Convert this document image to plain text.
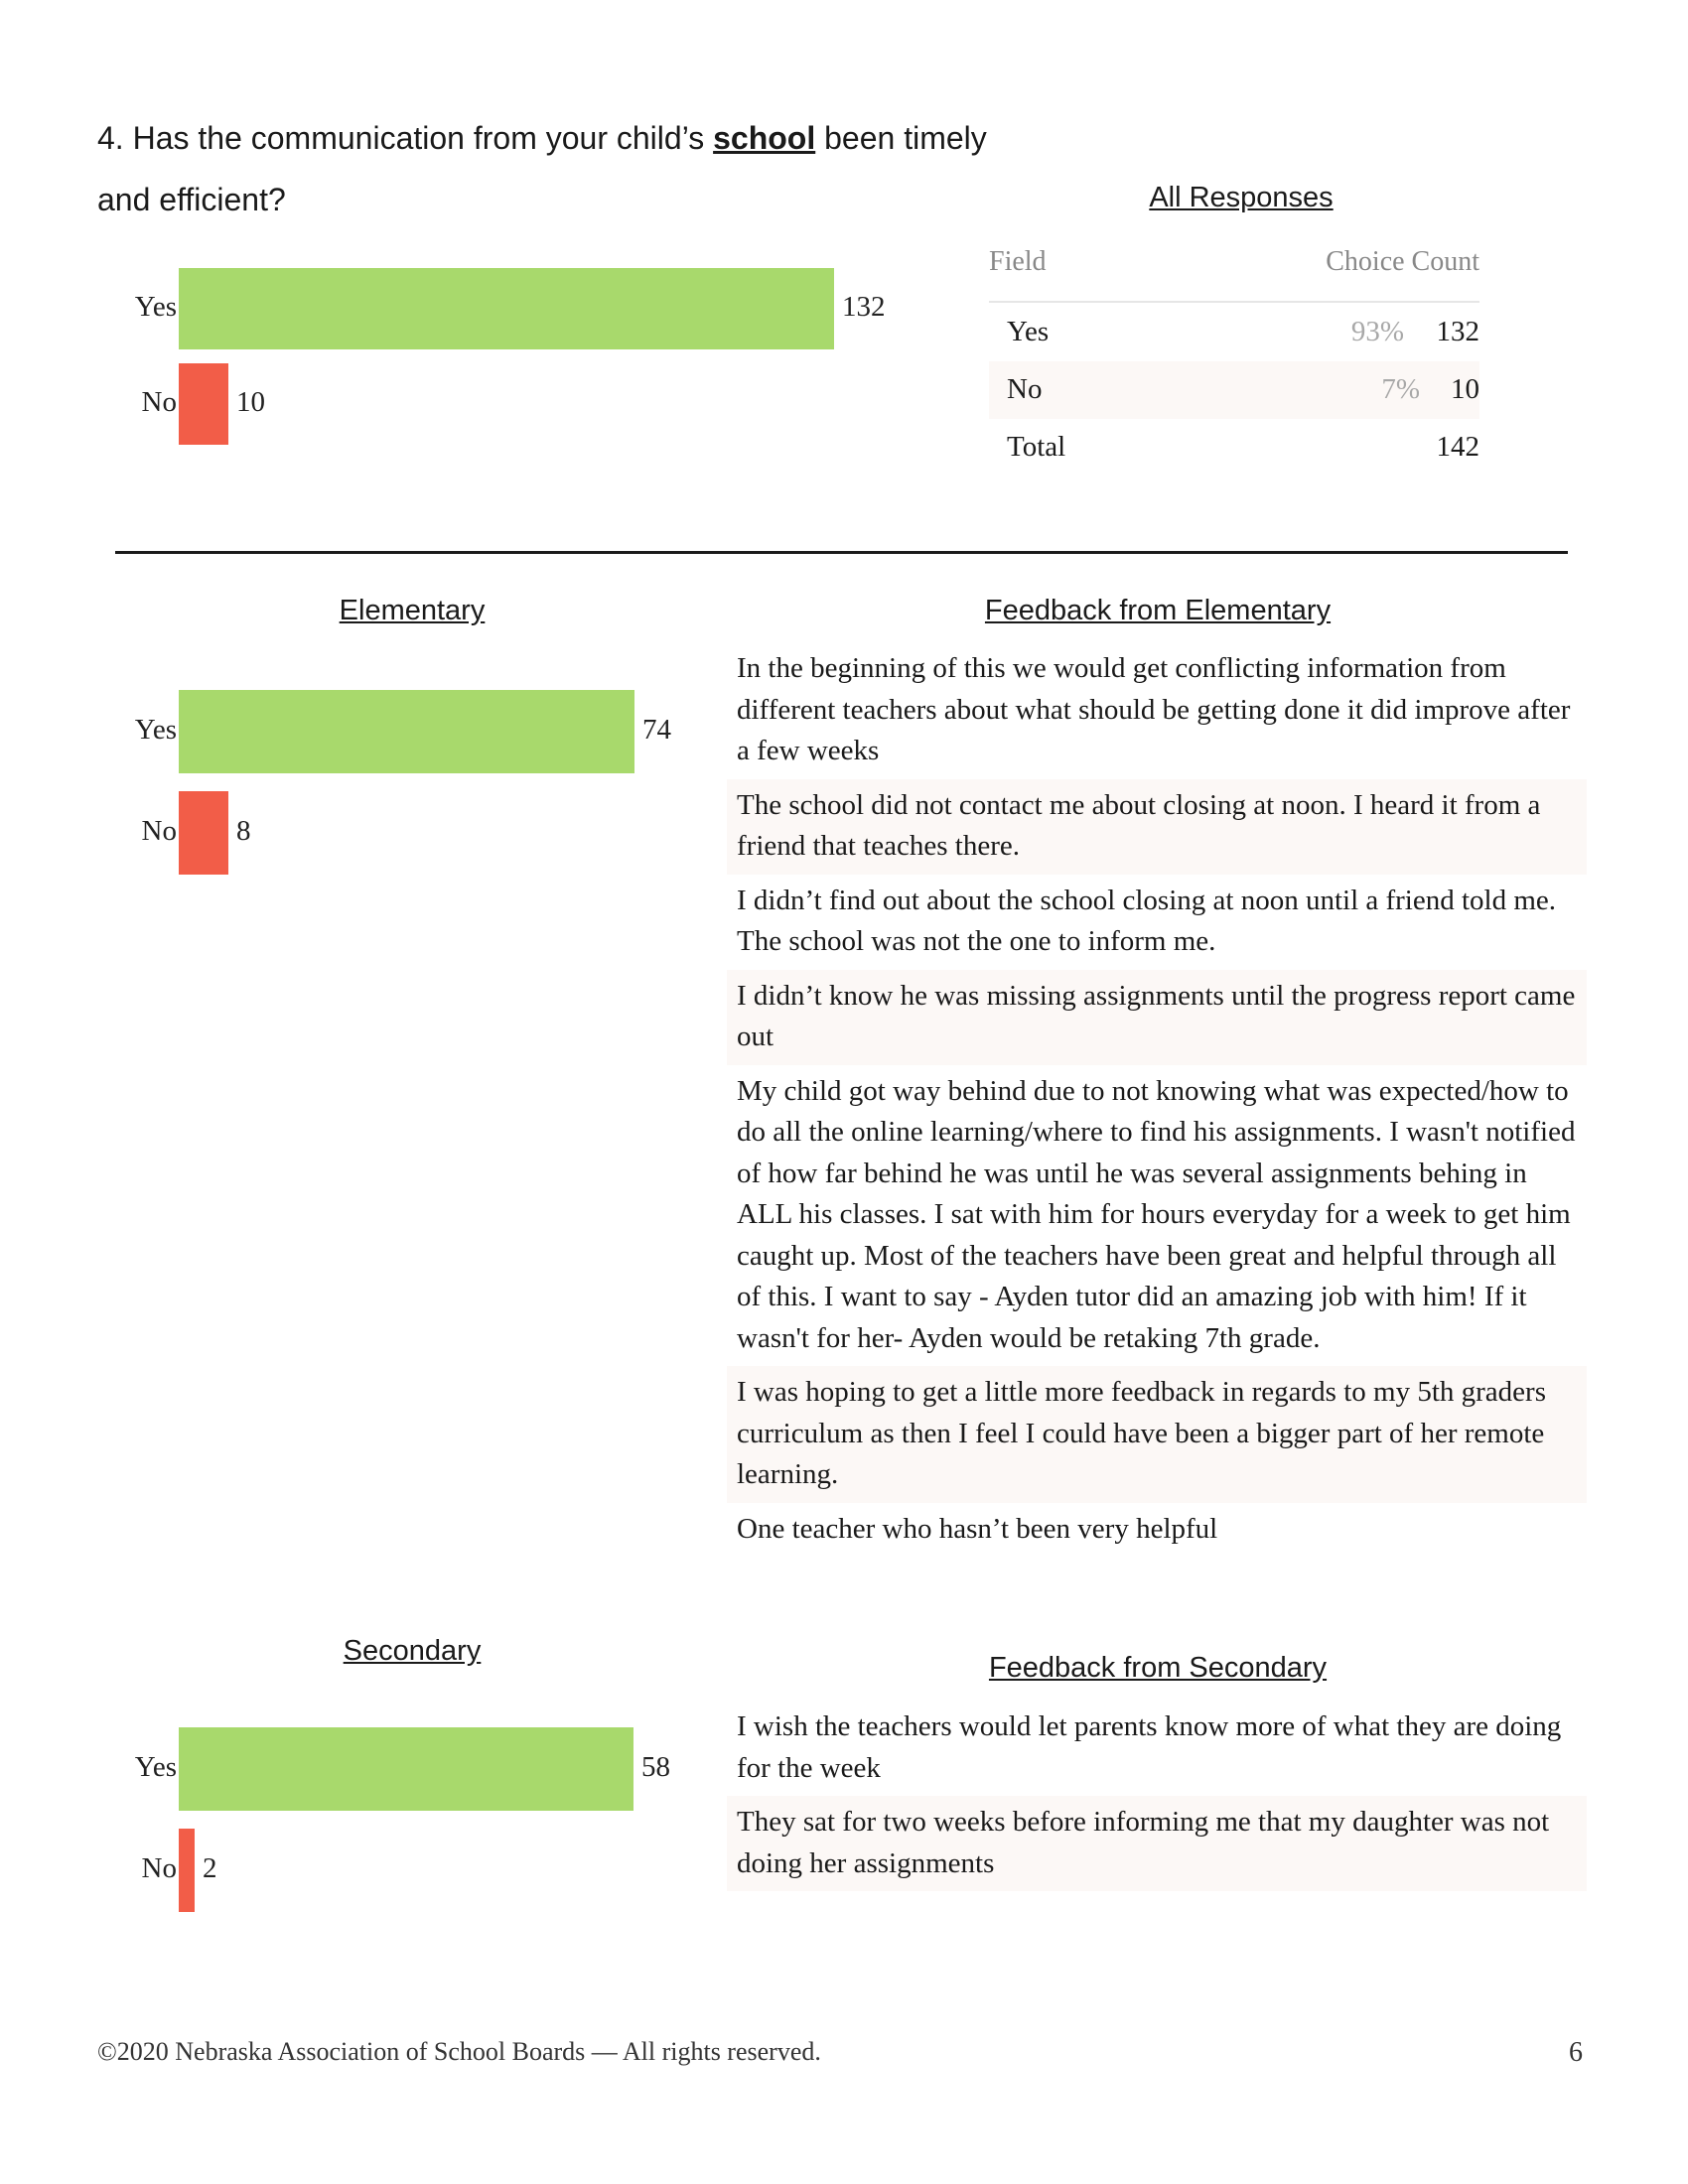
4. Has the communication from your child’s school been timely and efficient?
Yes	132
No 10
All Responses
Field	Choice Count
Yes	93% 132
No	7% 10
Total	142
Elementary
Yes	74
No 8
Feedback from Elementary
In the beginning of this we would get conflicting information from different teachers about what should be getting done it did improve after a few weeks
The school did not contact me about closing at noon. I heard it from a friend that teaches there.
I didn’t find out about the school closing at noon until a friend told me. The school was not the one to inform me.
I didn’t know he was missing assignments until the progress report came out
My child got way behind due to not knowing what was expected/how to do all the online learning/where to find his assignments. I wasn't notified of how far behind he was until he was several assignments behing in ALL his classes. I sat with him for hours everyday for a week to get him caught up. Most of the teachers have been great and helpful through all of this. I want to say - Ayden tutor did an amazing job with him! If it wasn't for her- Ayden would be retaking 7th grade.
I was hoping to get a little more feedback in regards to my 5th graders curriculum as then I feel I could have been a bigger part of her remote learning.
One teacher who hasn’t been very helpful
Secondary
Yes	58
No 2
Feedback from Secondary
I wish the teachers would let parents know more of what they are doing for the week
They sat for two weeks before informing me that my daughter was not doing her assignments
©2020 Nebraska Association of School Boards — All rights reserved.	6
